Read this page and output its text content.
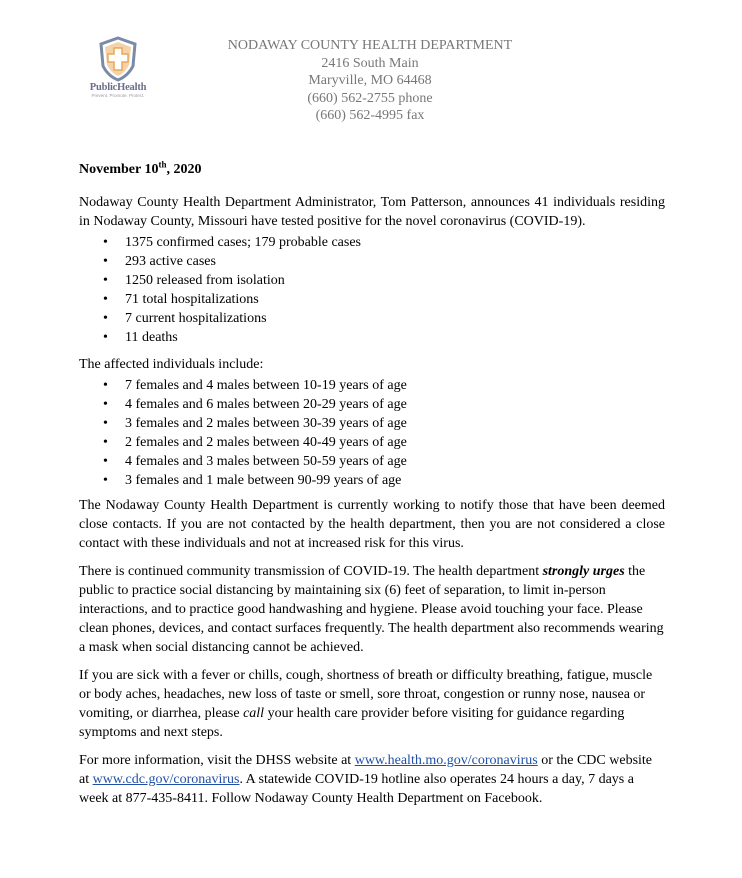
PublicHealth
Prevent. Promote. Protect.
NODAWAY COUNTY HEALTH DEPARTMENT
2416 South Main
Maryville, MO 64468
(660) 562-2755 phone
(660) 562-4995 fax
November 10th, 2020

Nodaway County Health Department Administrator, Tom Patterson, announces 41 individuals residing in Nodaway County, Missouri have tested positive for the novel coronavirus (COVID-19).

• 1375 confirmed cases; 179 probable cases
• 293 active cases
• 1250 released from isolation
• 71 total hospitalizations
• 7 current hospitalizations
• 11 deaths

The affected individuals include:

• 7 females and 4 males between 10-19 years of age
• 4 females and 6 males between 20-29 years of age
• 3 females and 2 males between 30-39 years of age
• 2 females and 2 males between 40-49 years of age
• 4 females and 3 males between 50-59 years of age
• 3 females and 1 male between 90-99 years of age

The Nodaway County Health Department is currently working to notify those that have been deemed close contacts. If you are not contacted by the health department, then you are not considered a close contact with these individuals and not at increased risk for this virus.

There is continued community transmission of COVID-19. The health department strongly urges the public to practice social distancing by maintaining six (6) feet of separation, to limit in-person interactions, and to practice good handwashing and hygiene. Please avoid touching your face. Please clean phones, devices, and contact surfaces frequently. The health department also recommends wearing a mask when social distancing cannot be achieved.

If you are sick with a fever or chills, cough, shortness of breath or difficulty breathing, fatigue, muscle or body aches, headaches, new loss of taste or smell, sore throat, congestion or runny nose, nausea or vomiting, or diarrhea, please call your health care provider before visiting for guidance regarding symptoms and next steps.

For more information, visit the DHSS website at www.health.mo.gov/coronavirus or the CDC website at www.cdc.gov/coronavirus. A statewide COVID-19 hotline also operates 24 hours a day, 7 days a week at 877-435-8411. Follow Nodaway County Health Department on Facebook.
